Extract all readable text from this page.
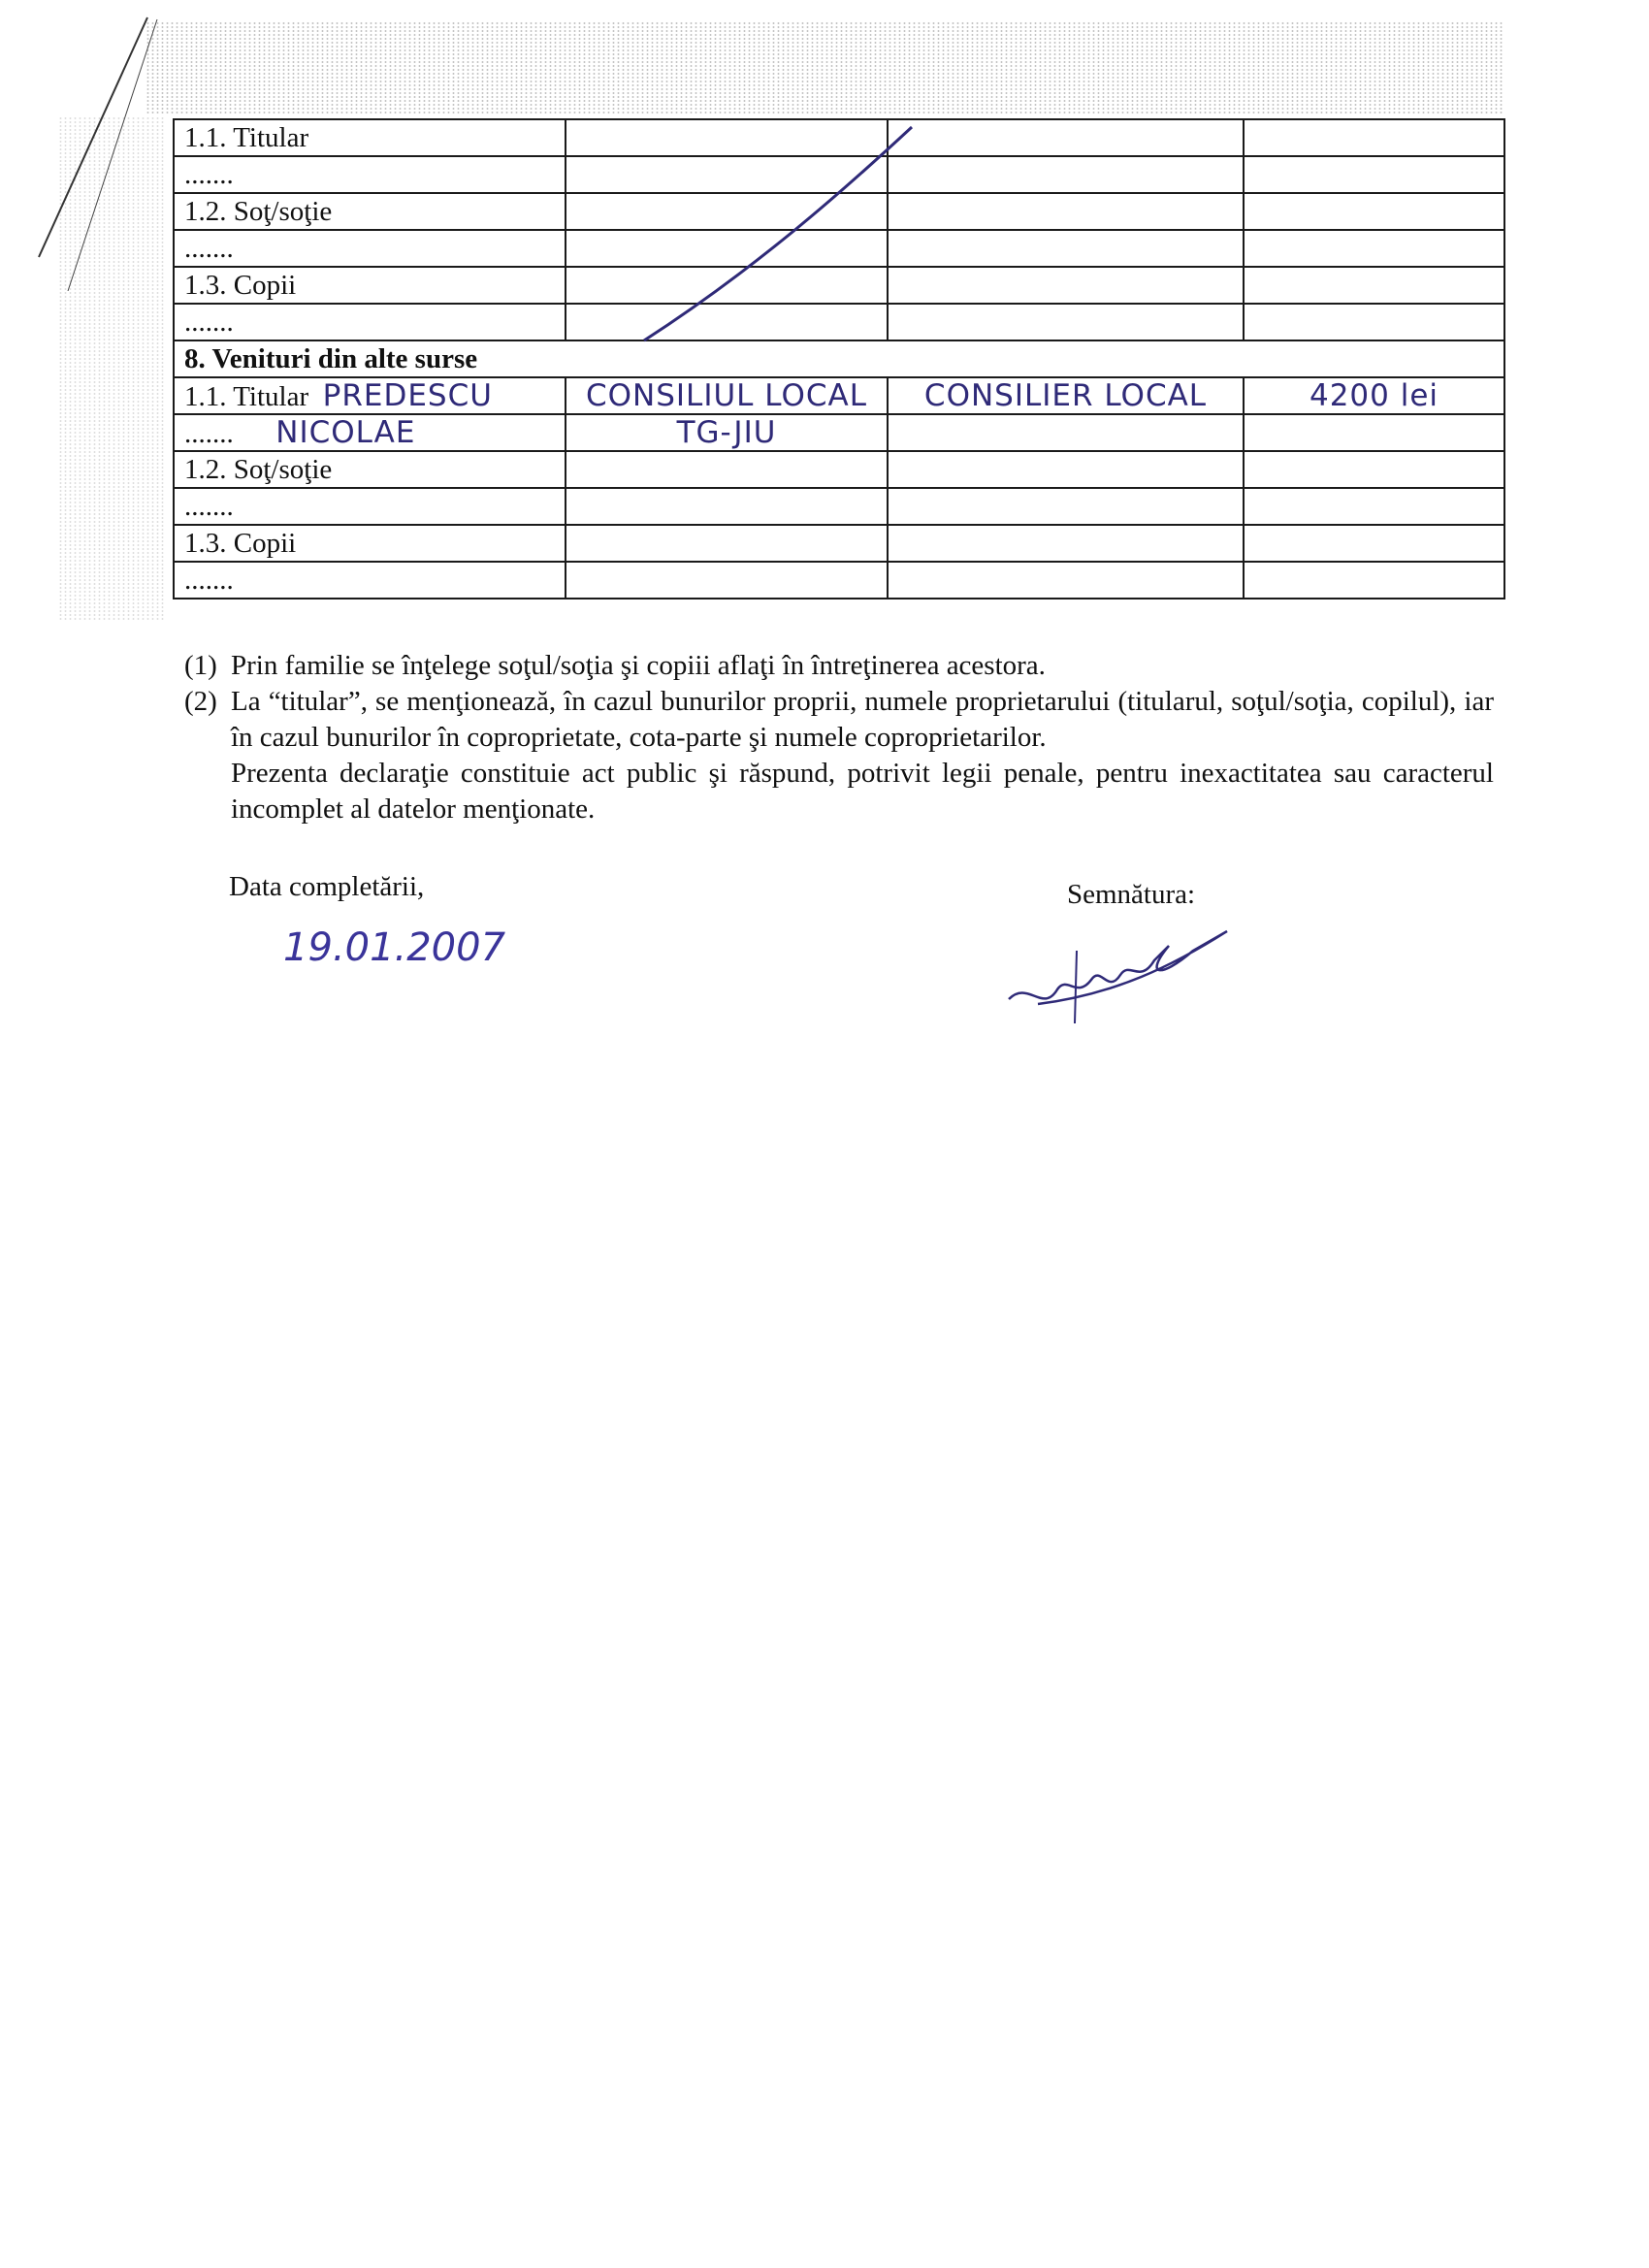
1.1. Titular			
.......			
1.2. Soţ/soţie			
.......			
1.3. Copii			
.......			
8. Venituri din alte surse			
1.1. Titular PREDESCU	CONSILIUL LOCAL	CONSILIER LOCAL	4200 lei
....... NICOLAE	TG-JIU		
1.2. Soţ/soţie			
.......			
1.3. Copii			
.......			
(1) Prin familie se înţelege soţul/soţia şi copiii aflaţi în întreţinerea acestora.
(2) La “titular”, se menţionează, în cazul bunurilor proprii, numele proprietarului (titularul, soţul/soţia, copilul), iar în cazul bunurilor în coproprietate, cota-parte şi numele coproprietarilor.
Prezenta declaraţie constituie act public şi răspund, potrivit legii penale, pentru inexactitatea sau caracterul incomplet al datelor menţionate.
Data completării,
19.01.2007
Semnătura:
